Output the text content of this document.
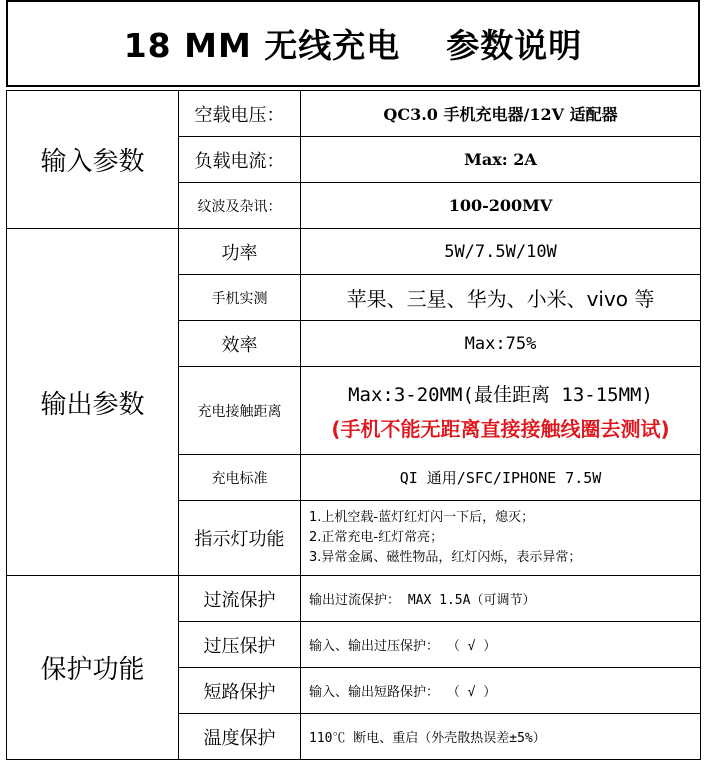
18 MM 无线充电 参数说明
输入参数	空载电压：	QC3.0 手机充电器/12V 适配器
	负载电流：	Max: 2A
	纹波及杂讯：	100-200MV
输出参数	功率	5W/7.5W/10W
	手机实测	苹果、三星、华为、小米、vivo 等
	效率	Max:75%
	充电接触距离	Max:3-20MM(最佳距离 13-15MM)
(手机不能无距离直接接触线圈去测试)

	充电标准	QI 通用/SFC/IPHONE 7.5W
	指示灯功能	1.上机空载-蓝灯红灯闪一下后，熄灭；
2.正常充电-红灯常亮；
3.异常金属、磁性物品，红灯闪烁，表示异常；

保护功能	过流保护	输出过流保护： MAX 1.5A（可调节）
	过压保护	输入、输出过压保护： （ √ ）
	短路保护	输入、输出短路保护： （ √ ）
	温度保护	110℃ 断电、重启（外壳散热误差±5%）
